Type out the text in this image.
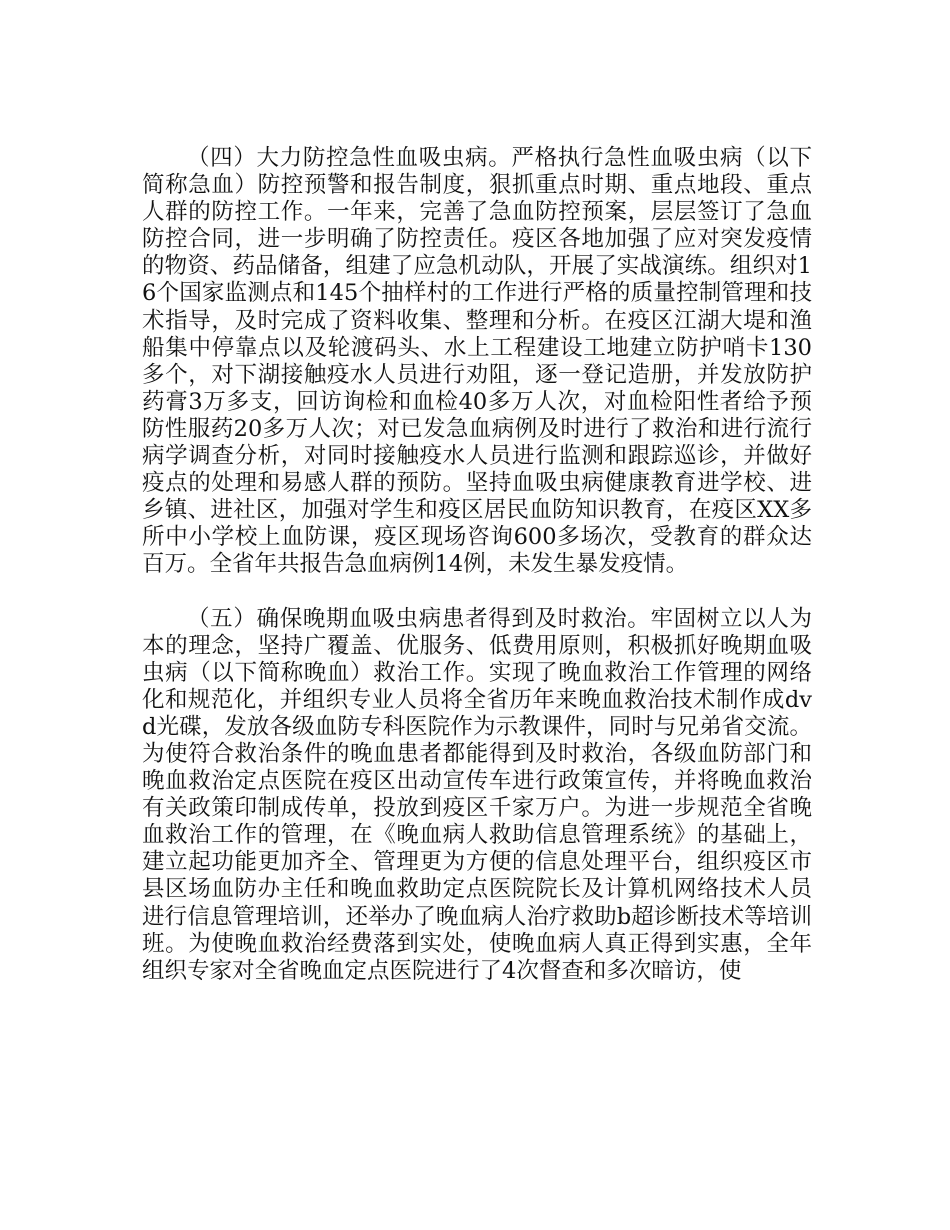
（四）大力防控急性血吸虫病。严格执行急性血吸虫病（以下简称急血）防控预警和报告制度，狠抓重点时期、重点地段、重点人群的防控工作。一年来，完善了急血防控预案，层层签订了急血防控合同，进一步明确了防控责任。疫区各地加强了应对突发疫情的物资、药品储备，组建了应急机动队，开展了实战演练。组织对16个国家监测点和145个抽样村的工作进行严格的质量控制管理和技术指导，及时完成了资料收集、整理和分析。在疫区江湖大堤和渔船集中停靠点以及轮渡码头、水上工程建设工地建立防护哨卡130多个，对下湖接触疫水人员进行劝阻，逐一登记造册，并发放防护药膏3万多支，回访询检和血检40多万人次，对血检阳性者给予预防性服药20多万人次；对已发急血病例及时进行了救治和进行流行病学调查分析，对同时接触疫水人员进行监测和跟踪巡诊，并做好疫点的处理和易感人群的预防。坚持血吸虫病健康教育进学校、进乡镇、进社区，加强对学生和疫区居民血防知识教育，在疫区XX多所中小学校上血防课，疫区现场咨询600多场次，受教育的群众达百万。全省年共报告急血病例14例，未发生暴发疫情。

（五）确保晚期血吸虫病患者得到及时救治。牢固树立以人为本的理念，坚持广覆盖、优服务、低费用原则，积极抓好晚期血吸虫病（以下简称晚血）救治工作。实现了晚血救治工作管理的网络化和规范化，并组织专业人员将全省历年来晚血救治技术制作成dvd光碟，发放各级血防专科医院作为示教课件，同时与兄弟省交流。为使符合救治条件的晚血患者都能得到及时救治，各级血防部门和晚血救治定点医院在疫区出动宣传车进行政策宣传，并将晚血救治有关政策印制成传单，投放到疫区千家万户。为进一步规范全省晚血救治工作的管理，在《晚血病人救助信息管理系统》的基础上，建立起功能更加齐全、管理更为方便的信息处理平台，组织疫区市县区场血防办主任和晚血救助定点医院院长及计算机网络技术人员进行信息管理培训，还举办了晚血病人治疗救助b超诊断技术等培训班。为使晚血救治经费落到实处，使晚血病人真正得到实惠，全年组织专家对全省晚血定点医院进行了4次督查和多次暗访，使
